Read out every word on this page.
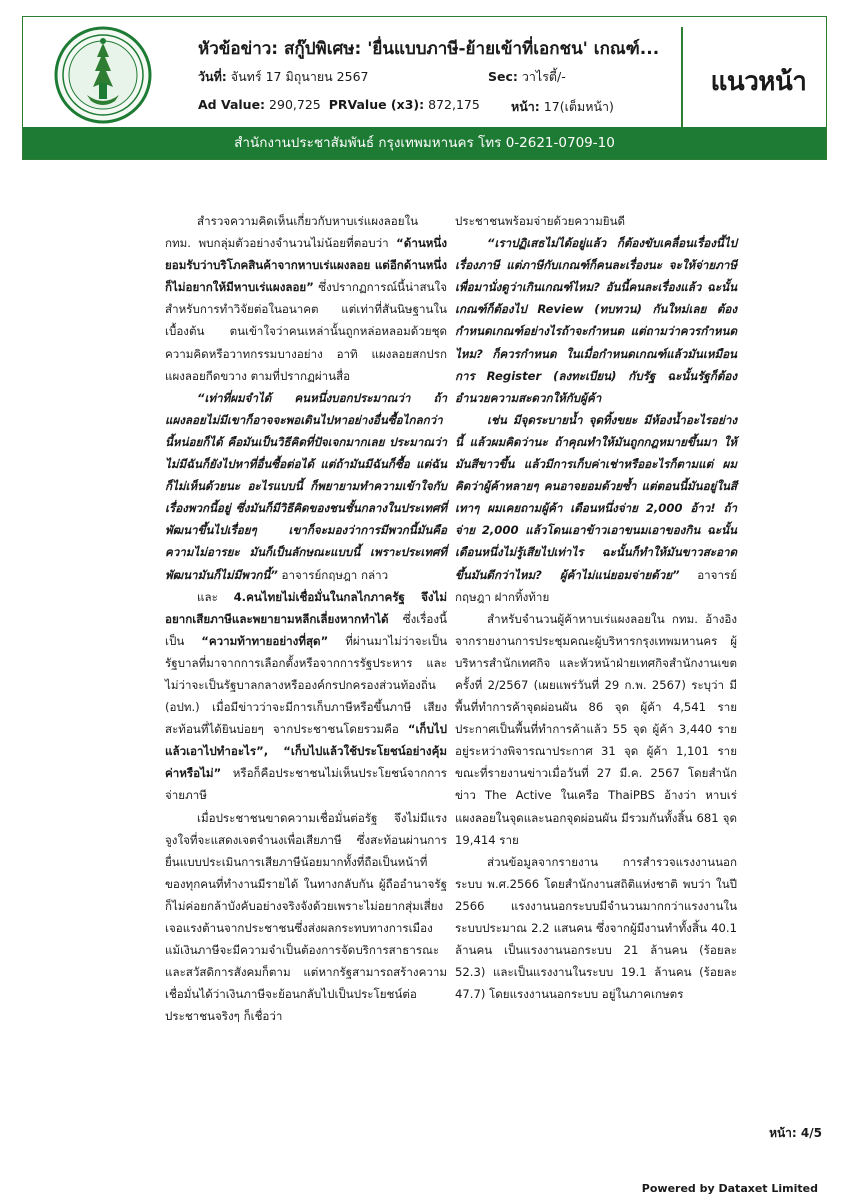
หัวข้อข่าว: สกู๊ปพิเศษ: 'ยื่นแบบภาษี-ย้ายเข้าที่เอกชน' เกณฑ์...
วันที่: จันทร์ 17 มิถุนายน 2567	Sec: วาไรตี้/-
Ad Value: 290,725 PRValue (x3): 872,175 หน้า: 17(เต็มหน้า)
แนวหน้า
สำนักงานประชาสัมพันธ์ กรุงเทพมหานคร โทร 0-2621-0709-10

สำรวจความคิดเห็นเกี่ยวกับหาบเร่แผงลอยใน กทม. พบกลุ่มตัวอย่างจำนวนไม่น้อยที่ตอบว่า “ด้านหนึ่งยอมรับว่าบริโภคสินค้าจากหาบเร่แผงลอย แต่อีกด้านหนึ่งก็ไม่อยากให้มีหาบเร่แผงลอย” ซึ่งปรากฏการณ์นี้น่าสนใจสำหรับการทำวิจัยต่อในอนาคต แต่เท่าที่สันนิษฐานในเบื้องต้น ตนเข้าใจว่าคนเหล่านั้นถูกหล่อหลอมด้วยชุดความคิดหรือวาทกรรมบางอย่าง อาทิ แผงลอยสกปรก แผงลอยกีดขวาง ตามที่ปรากฏผ่านสื่อ

“เท่าที่ผมจำได้ คนหนึ่งบอกประมาณว่า ถ้าแผงลอยไม่มีเขาก็อาจจะพอเดินไปหาอย่างอื่นซื้อไกลกว่านี้หน่อยก็ได้ คือมันเป็นวิธีคิดที่ปัจเจกมากเลย ประมาณว่าไม่มีฉันก็ยังไปหาที่อื่นซื้อต่อได้ แต่ถ้ามันมีฉันก็ซื้อ แต่ฉันก็ไม่เห็นด้วยนะ อะไรแบบนี้ ก็พยายามทำความเข้าใจกับเรื่องพวกนี้อยู่ ซึ่งมันก็มีวิธีคิดของชนชั้นกลางในประเทศที่พัฒนาขึ้นไปเรื่อยๆ เขาก็จะมองว่าการมีพวกนี้มันคือความไม่อารยะ มันก็เป็นลักษณะแบบนี้ เพราะประเทศที่พัฒนามันก็ไม่มีพวกนี้” อาจารย์กฤษฎา กล่าว

และ 4.คนไทยไม่เชื่อมั่นในกลไกภาครัฐ จึงไม่อยากเสียภาษีและพยายามหลีกเลี่ยงหากทำได้ ซึ่งเรื่องนี้เป็น “ความท้าทายอย่างที่สุด” ที่ผ่านมาไม่ว่าจะเป็นรัฐบาลที่มาจากการเลือกตั้งหรือจากการรัฐประหาร และไม่ว่าจะเป็นรัฐบาลกลางหรือองค์กรปกครองส่วนท้องถิ่น (อปท.) เมื่อมีข่าวว่าจะมีการเก็บภาษีหรือขึ้นภาษี เสียงสะท้อนที่ได้ยินบ่อยๆ จากประชาชนโดยรวมคือ “เก็บไปแล้วเอาไปทำอะไร”, “เก็บไปแล้วใช้ประโยชน์อย่างคุ้มค่าหรือไม่” หรือก็คือประชาชนไม่เห็นประโยชน์จากการจ่ายภาษี

เมื่อประชาชนขาดความเชื่อมั่นต่อรัฐ จึงไม่มีแรงจูงใจที่จะแสดงเจตจำนงเพื่อเสียภาษี ซึ่งสะท้อนผ่านการยื่นแบบประเมินการเสียภาษีน้อยมากทั้งที่ถือเป็นหน้าที่ของทุกคนที่ทำงานมีรายได้ ในทางกลับกัน ผู้ถืออำนาจรัฐก็ไม่ค่อยกล้าบังคับอย่างจริงจังด้วยเพราะไม่อยากสุ่มเสี่ยงเจอแรงต้านจากประชาชนซึ่งส่งผลกระทบทางการเมือง แม้เงินภาษีจะมีความจำเป็นต้องการจัดบริการสาธารณะและสวัสดิการสังคมก็ตาม แต่หากรัฐสามารถสร้างความเชื่อมั่นได้ว่าเงินภาษีจะย้อนกลับไปเป็นประโยชน์ต่อประชาชนจริงๆ ก็เชื่อว่า

ประชาชนพร้อมจ่ายด้วยความยินดี

“เราปฏิเสธไม่ได้อยู่แล้ว ก็ต้องขับเคลื่อนเรื่องนี้ไป เรื่องภาษี แต่ภาษีกับเกณฑ์ก็คนละเรื่องนะ จะให้จ่ายภาษีเพื่อมานั่งดูว่าเกินเกณฑ์ไหม? อันนี้คนละเรื่องแล้ว ฉะนั้นเกณฑ์ก็ต้องไป Review (ทบทวน) กันใหม่เลย ต้องกำหนดเกณฑ์อย่างไรถ้าจะกำหนด แต่ถามว่าควรกำหนดไหม? ก็ควรกำหนด ในเมื่อกำหนดเกณฑ์แล้วมันเหมือนการ Register (ลงทะเบียน) กับรัฐ ฉะนั้นรัฐก็ต้องอำนวยความสะดวกให้กับผู้ค้า

เช่น มีจุดระบายน้ำ จุดทิ้งขยะ มีห้องน้ำอะไรอย่างนี้ แล้วผมคิดว่านะ ถ้าคุณทำให้มันถูกกฎหมายขึ้นมา ให้มันสีขาวขึ้น แล้วมีการเก็บค่าเช่าหรืออะไรก็ตามแต่ ผมคิดว่าผู้ค้าหลายๆ คนอาจยอมด้วยซ้ำ แต่ตอนนี้มันอยู่ในสีเทาๆ ผมเคยถามผู้ค้า เดือนหนึ่งจ่าย 2,000 อ้าว! ถ้าจ่าย 2,000 แล้วโดนเอาข้าวเอาขนมเอาของกิน ฉะนั้นเดือนหนึ่งไม่รู้เสียไปเท่าไร ฉะนั้นก็ทำให้มันขาวสะอาดขึ้นมันดีกว่าไหม? ผู้ค้าไม่แน่ยอมจ่ายด้วย” อาจารย์กฤษฎา ฝากทิ้งท้าย

สำหรับจำนวนผู้ค้าหาบเร่แผงลอยใน กทม. อ้างอิงจากรายงานการประชุมคณะผู้บริหารกรุงเทพมหานคร ผู้บริหารสำนักเทศกิจ และหัวหน้าฝ่ายเทศกิจสำนักงานเขต ครั้งที่ 2/2567 (เผยแพร่วันที่ 29 ก.พ. 2567) ระบุว่า มีพื้นที่ทำการค้าจุดผ่อนผัน 86 จุด ผู้ค้า 4,541 ราย ประกาศเป็นพื้นที่ทำการค้าแล้ว 55 จุด ผู้ค้า 3,440 ราย อยู่ระหว่างพิจารณาประกาศ 31 จุด ผู้ค้า 1,101 ราย ขณะที่รายงานข่าวเมื่อวันที่ 27 มี.ค. 2567 โดยสำนักข่าว The Active ในเครือ ThaiPBS อ้างว่า หาบเร่แผงลอยในจุดและนอกจุดผ่อนผัน มีรวมกันทั้งสิ้น 681 จุด 19,414 ราย

ส่วนข้อมูลจากรายงาน การสำรวจแรงงานนอกระบบ พ.ศ.2566 โดยสำนักงานสถิติแห่งชาติ พบว่า ในปี 2566 แรงงานนอกระบบมีจำนวนมากกว่าแรงงานในระบบประมาณ 2.2 แสนคน ซึ่งจากผู้มีงานทำทั้งสิ้น 40.1 ล้านคน เป็นแรงงานนอกระบบ 21 ล้านคน (ร้อยละ 52.3) และเป็นแรงงานในระบบ 19.1 ล้านคน (ร้อยละ 47.7) โดยแรงงานนอกระบบ อยู่ในภาคเกษตร

หน้า: 4/5
Powered by Dataxet Limited
